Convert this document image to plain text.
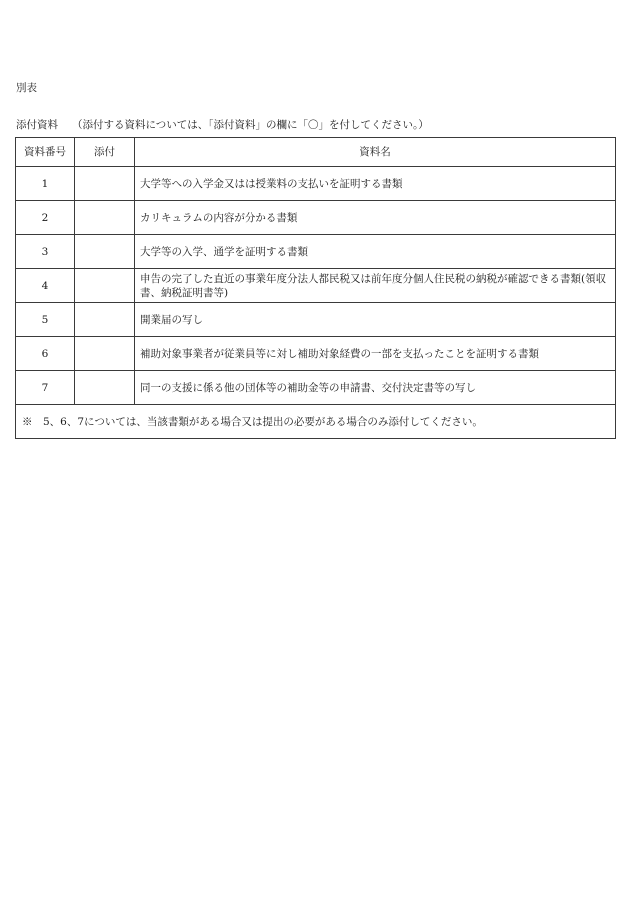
別表
添付資料 （添付する資料については、「添付資料」の欄に「〇」を付してください。）
資料番号	添付	資料名
1		大学等への入学金又はは授業料の支払いを証明する書類
2		カリキュラムの内容が分かる書類
3		大学等の入学、通学を証明する書類
4		申告の完了した直近の事業年度分法人都民税又は前年度分個人住民税の納税が確認できる書類(領収書、納税証明書等)
5		開業届の写し
6		補助対象事業者が従業員等に対し補助対象経費の一部を支払ったことを証明する書類
7		同一の支援に係る他の団体等の補助金等の申請書、交付決定書等の写し
※　5、6、7については、当該書類がある場合又は提出の必要がある場合のみ添付してください。		
